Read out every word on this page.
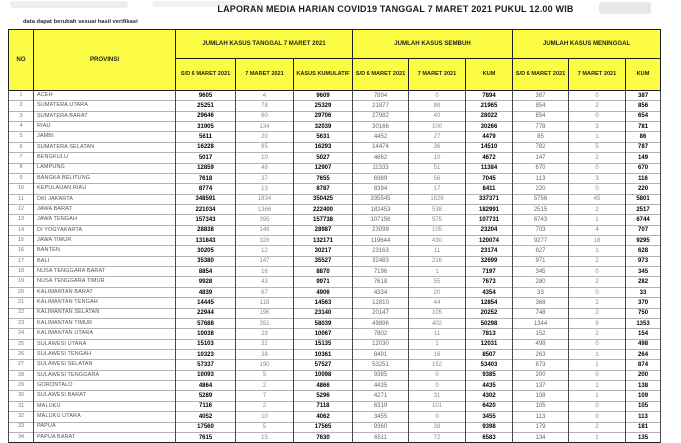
LAPORAN MEDIA HARIAN COVID19 TANGGAL 7 MARET 2021 PUKUL 12.00 WIB
data dapat berubah sesuai hasil verifikasi
NO	PROVINSI	JUMLAH KASUS TANGGAL 7 MARET 2021			JUMLAH KASUS SEMBUH			JUMLAH KASUS MENINGGAL		
		S/D 6 MARET 2021	7 MARET 2021	KASUS KUMULATIF	S/D 6 MARET 2021	7 MARET 2021	KUM	S/D 6 MARET 2021	7 MARET 2021	KUM
1	ACEH	9605	4	9609	7894	0	7894	387	0	387
2	SUMATERA UTARA	25251	78	25329	21877	88	21965	854	2	856
3	SUMATERA BARAT	29646	60	29706	27982	40	28022	654	0	654
4	RIAU	31905	134	32039	30166	100	30266	778	3	781
5	JAMBI	5611	20	5631	4452	27	4479	85	1	86
6	SUMATERA SELATAN	16228	65	16293	14474	36	14510	782	5	787
7	BENGKULU	5017	10	5027	4662	10	4672	147	2	149
8	LAMPUNG	12859	48	12907	11333	51	11384	670	0	670
9	BANGKA BELITUNG	7618	37	7655	6989	56	7045	113	3	116
10	KEPULAUAN RIAU	8774	13	8787	8394	17	8411	220	0	220
11	DKI JAKARTA	348591	1834	350425	335545	1826	337371	5756	45	5801
12	JAWA BARAT	221034	1366	222400	182453	538	182991	2515	2	2517
13	JAWA TENGAH	157343	395	157738	107156	575	107731	6743	1	6744
14	DI YOGYAKARTA	28838	149	28987	23099	105	23204	703	4	707
15	JAWA TIMUR	131843	328	132171	119644	430	120074	9277	18	9295
16	BANTEN	30205	12	30217	23163	11	23174	627	1	628
17	BALI	35380	147	35527	32483	216	32699	971	2	973
18	NUSA TENGGARA BARAT	8854	16	8870	7196	1	7197	345	0	345
19	NUSA TENGGARA TIMUR	9928	43	9971	7618	55	7673	280	2	282
20	KALIMANTAN BARAT	4839	67	4906	4334	20	4354	33	0	33
21	KALIMANTAN TENGAH	14445	118	14563	12810	44	12854	368	2	370
22	KALIMANTAN SELATAN	22944	196	23140	20147	105	20252	748	2	750
23	KALIMANTAN TIMUR	57688	351	58039	49896	402	50298	1344	9	1353
24	KALIMANTAN UTARA	10038	29	10067	7802	11	7813	152	2	154
25	SULAWESI UTARA	15103	32	15135	12030	1	12031	498	0	498
26	SULAWESI TENGAH	10323	38	10361	8491	16	8507	263	1	264
27	SULAWESI SELATAN	57337	190	57527	53251	152	53403	873	1	874
28	SULAWESI TENGGARA	10093	5	10098	9385	0	9385	200	0	200
29	GORONTALO	4864	2	4866	4435	0	4435	137	1	138
30	SULAWESI BARAT	5289	7	5296	4271	31	4302	108	1	109
31	MALUKU	7116	2	7118	6319	101	6420	105	0	105
32	MALUKU UTARA	4052	10	4062	3455	0	3455	113	0	113
33	PAPUA	17560	5	17565	9360	38	9398	179	2	181
34	PAPUA BARAT	7615	15	7630	6511	72	6583	134	1	135
